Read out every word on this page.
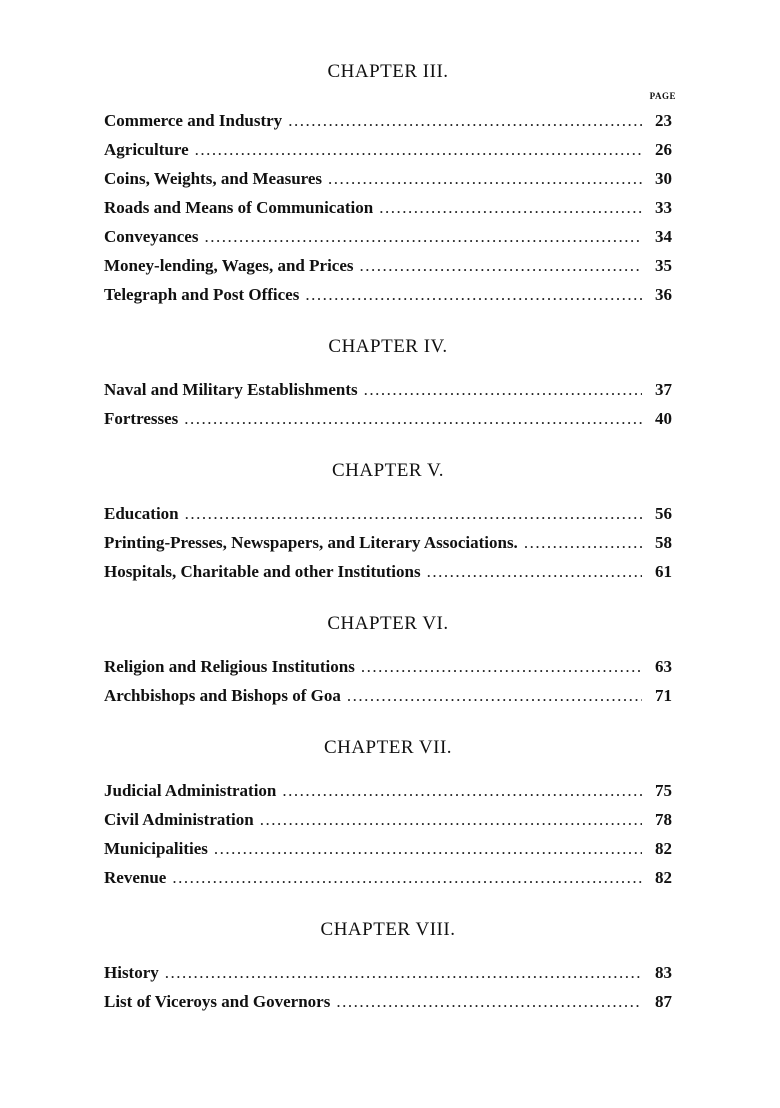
CHAPTER III.
PAGE
Commerce and Industry .....	23
Agriculture .....	26
Coins, Weights, and Measures .....	30
Roads and Means of Communication .....	33
Conveyances .....	34
Money-lending, Wages, and Prices .....	35
Telegraph and Post Offices .....	36
CHAPTER IV.
Naval and Military Establishments .....	37
Fortresses .....	40
CHAPTER V.
Education .....	56
Printing-Presses, Newspapers, and Literary Associations. .....	58
Hospitals, Charitable and other Institutions .....	61
CHAPTER VI.
Religion and Religious Institutions .....	63
Archbishops and Bishops of Goa .....	71
CHAPTER VII.
Judicial Administration .....	75
Civil Administration .....	78
Municipalities .....	82
Revenue .....	82
CHAPTER VIII.
History .....	83
List of Viceroys and Governors .....	87
